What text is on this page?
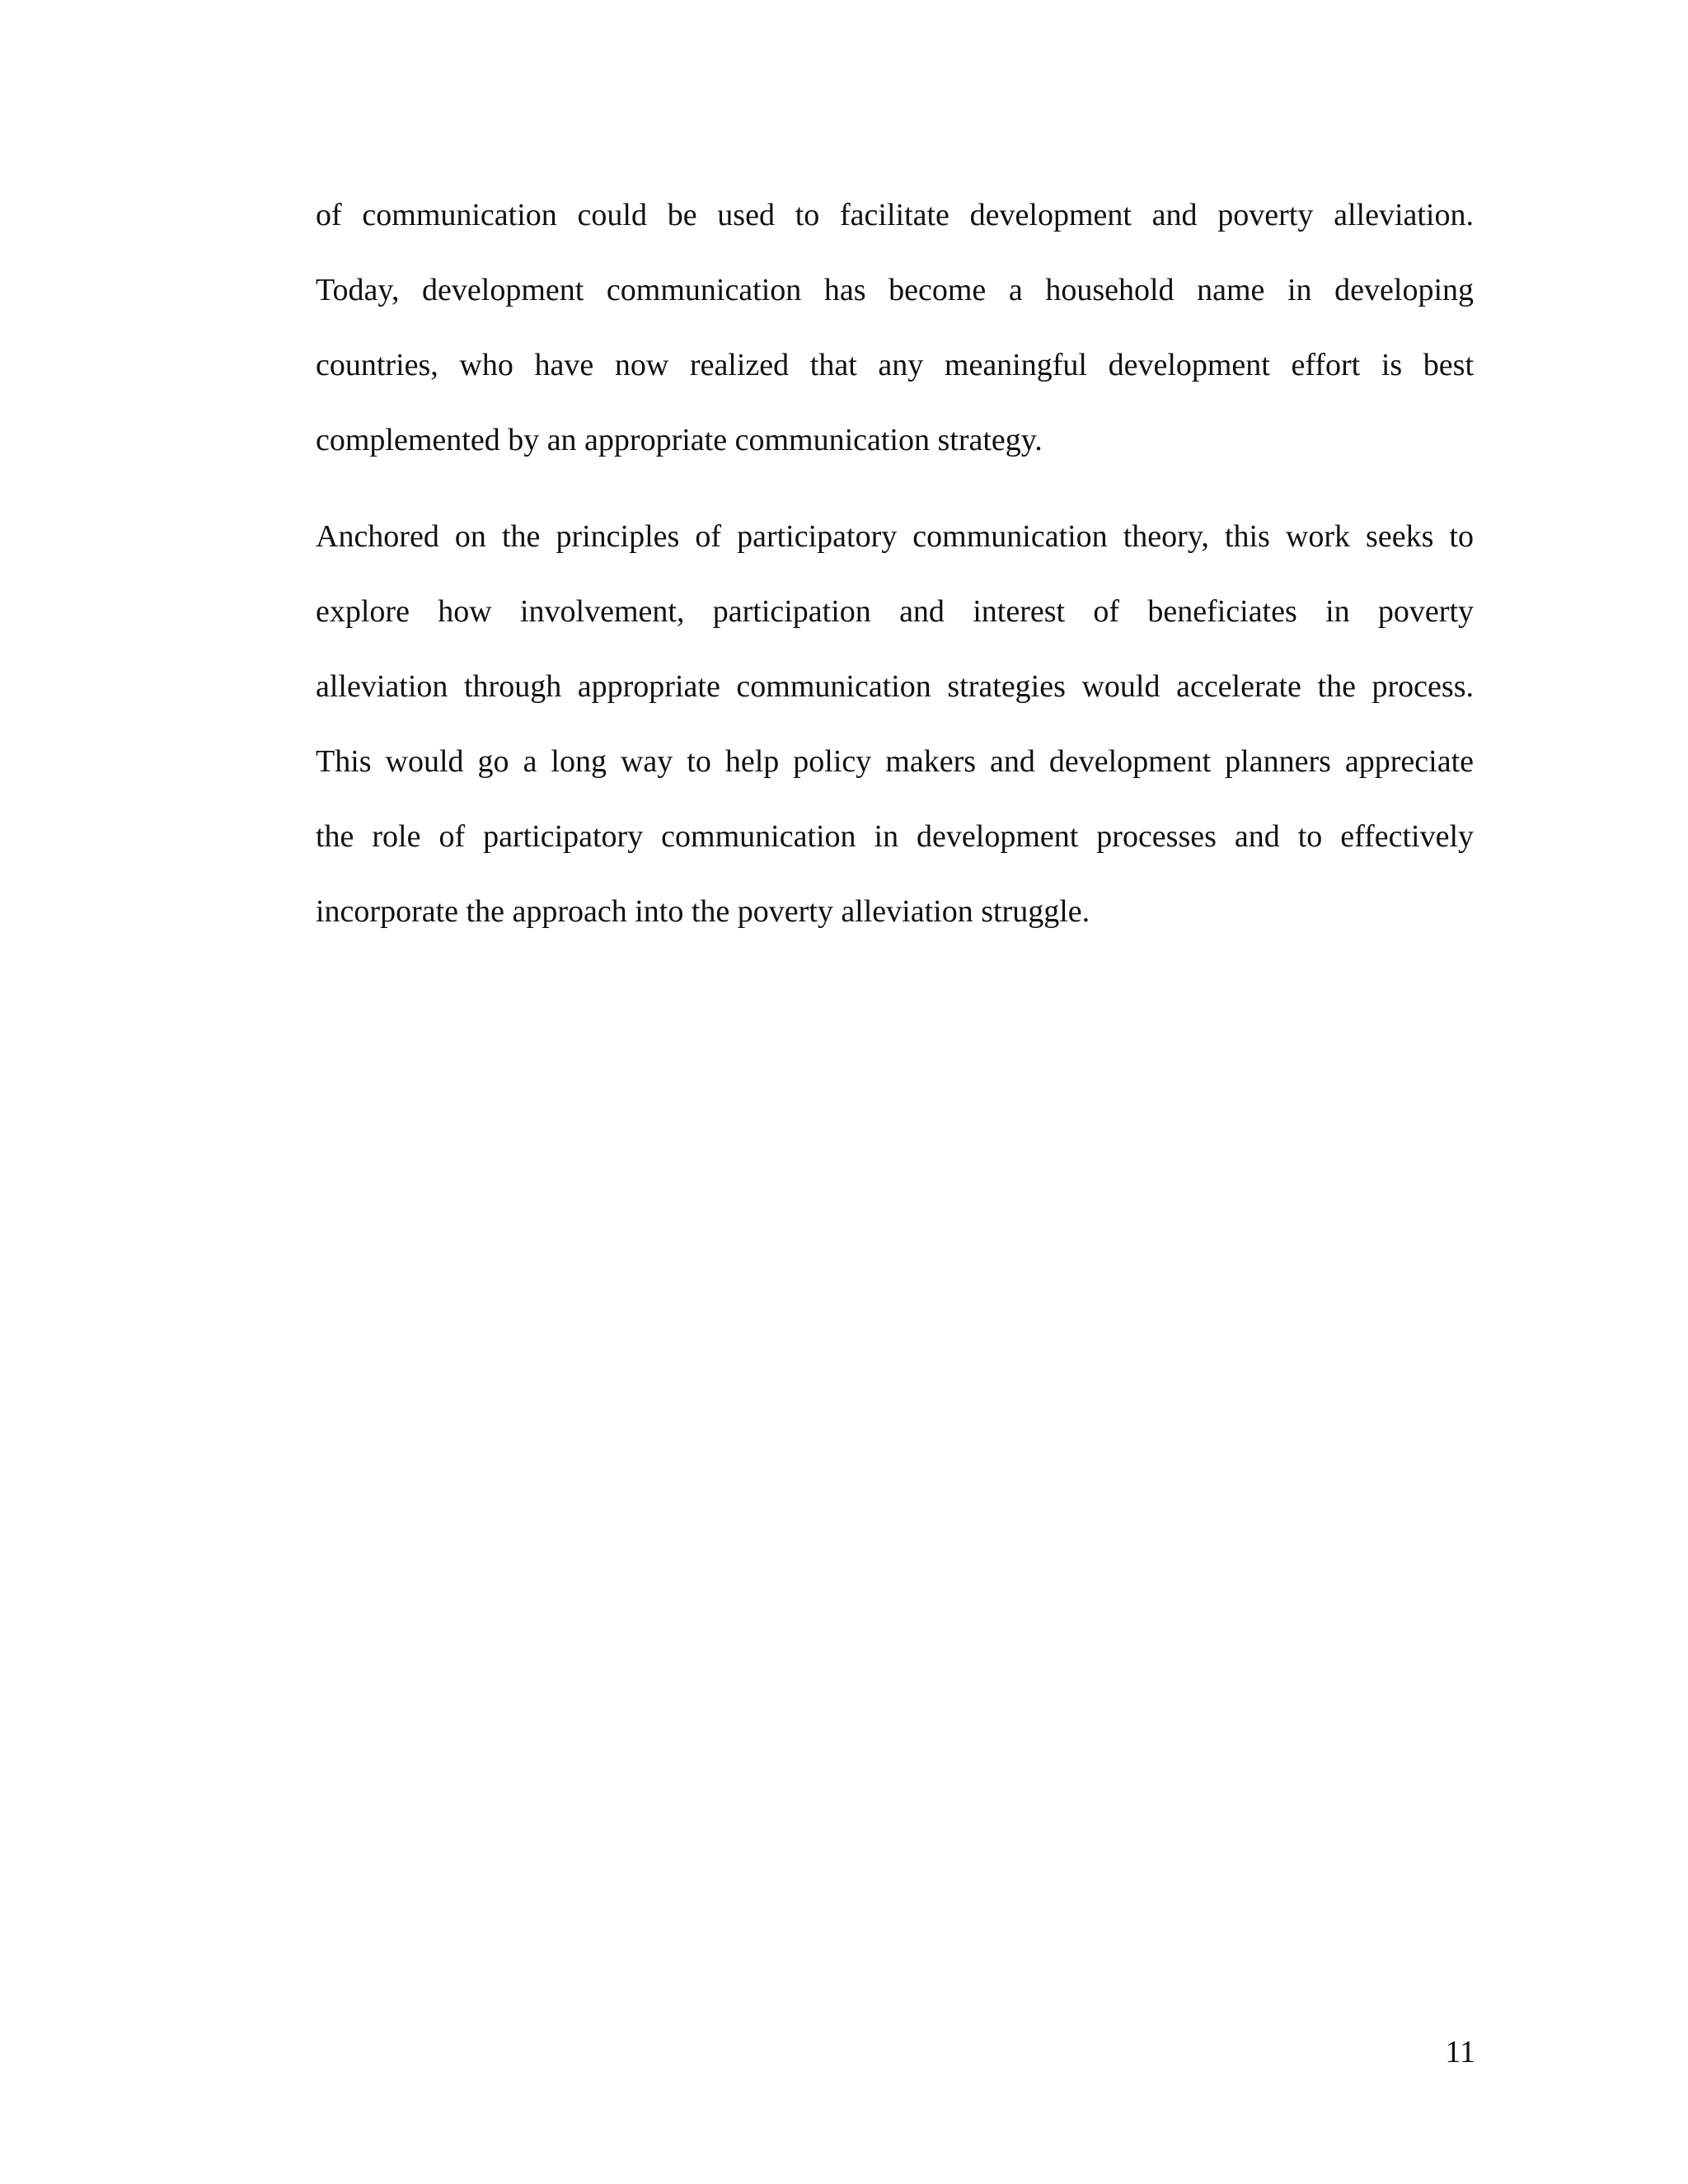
of communication could be used to facilitate development and poverty alleviation.
Today, development communication has become a household name in developing
countries, who have now realized that any meaningful development effort is best
complemented by an appropriate communication strategy.
Anchored on the principles of participatory communication theory, this work seeks to
explore how involvement, participation and interest of beneficiates in poverty
alleviation through appropriate communication strategies would accelerate the process.
This would go a long way to help policy makers and development planners appreciate
the role of participatory communication in development processes and to effectively
incorporate the approach into the poverty alleviation struggle.
11
